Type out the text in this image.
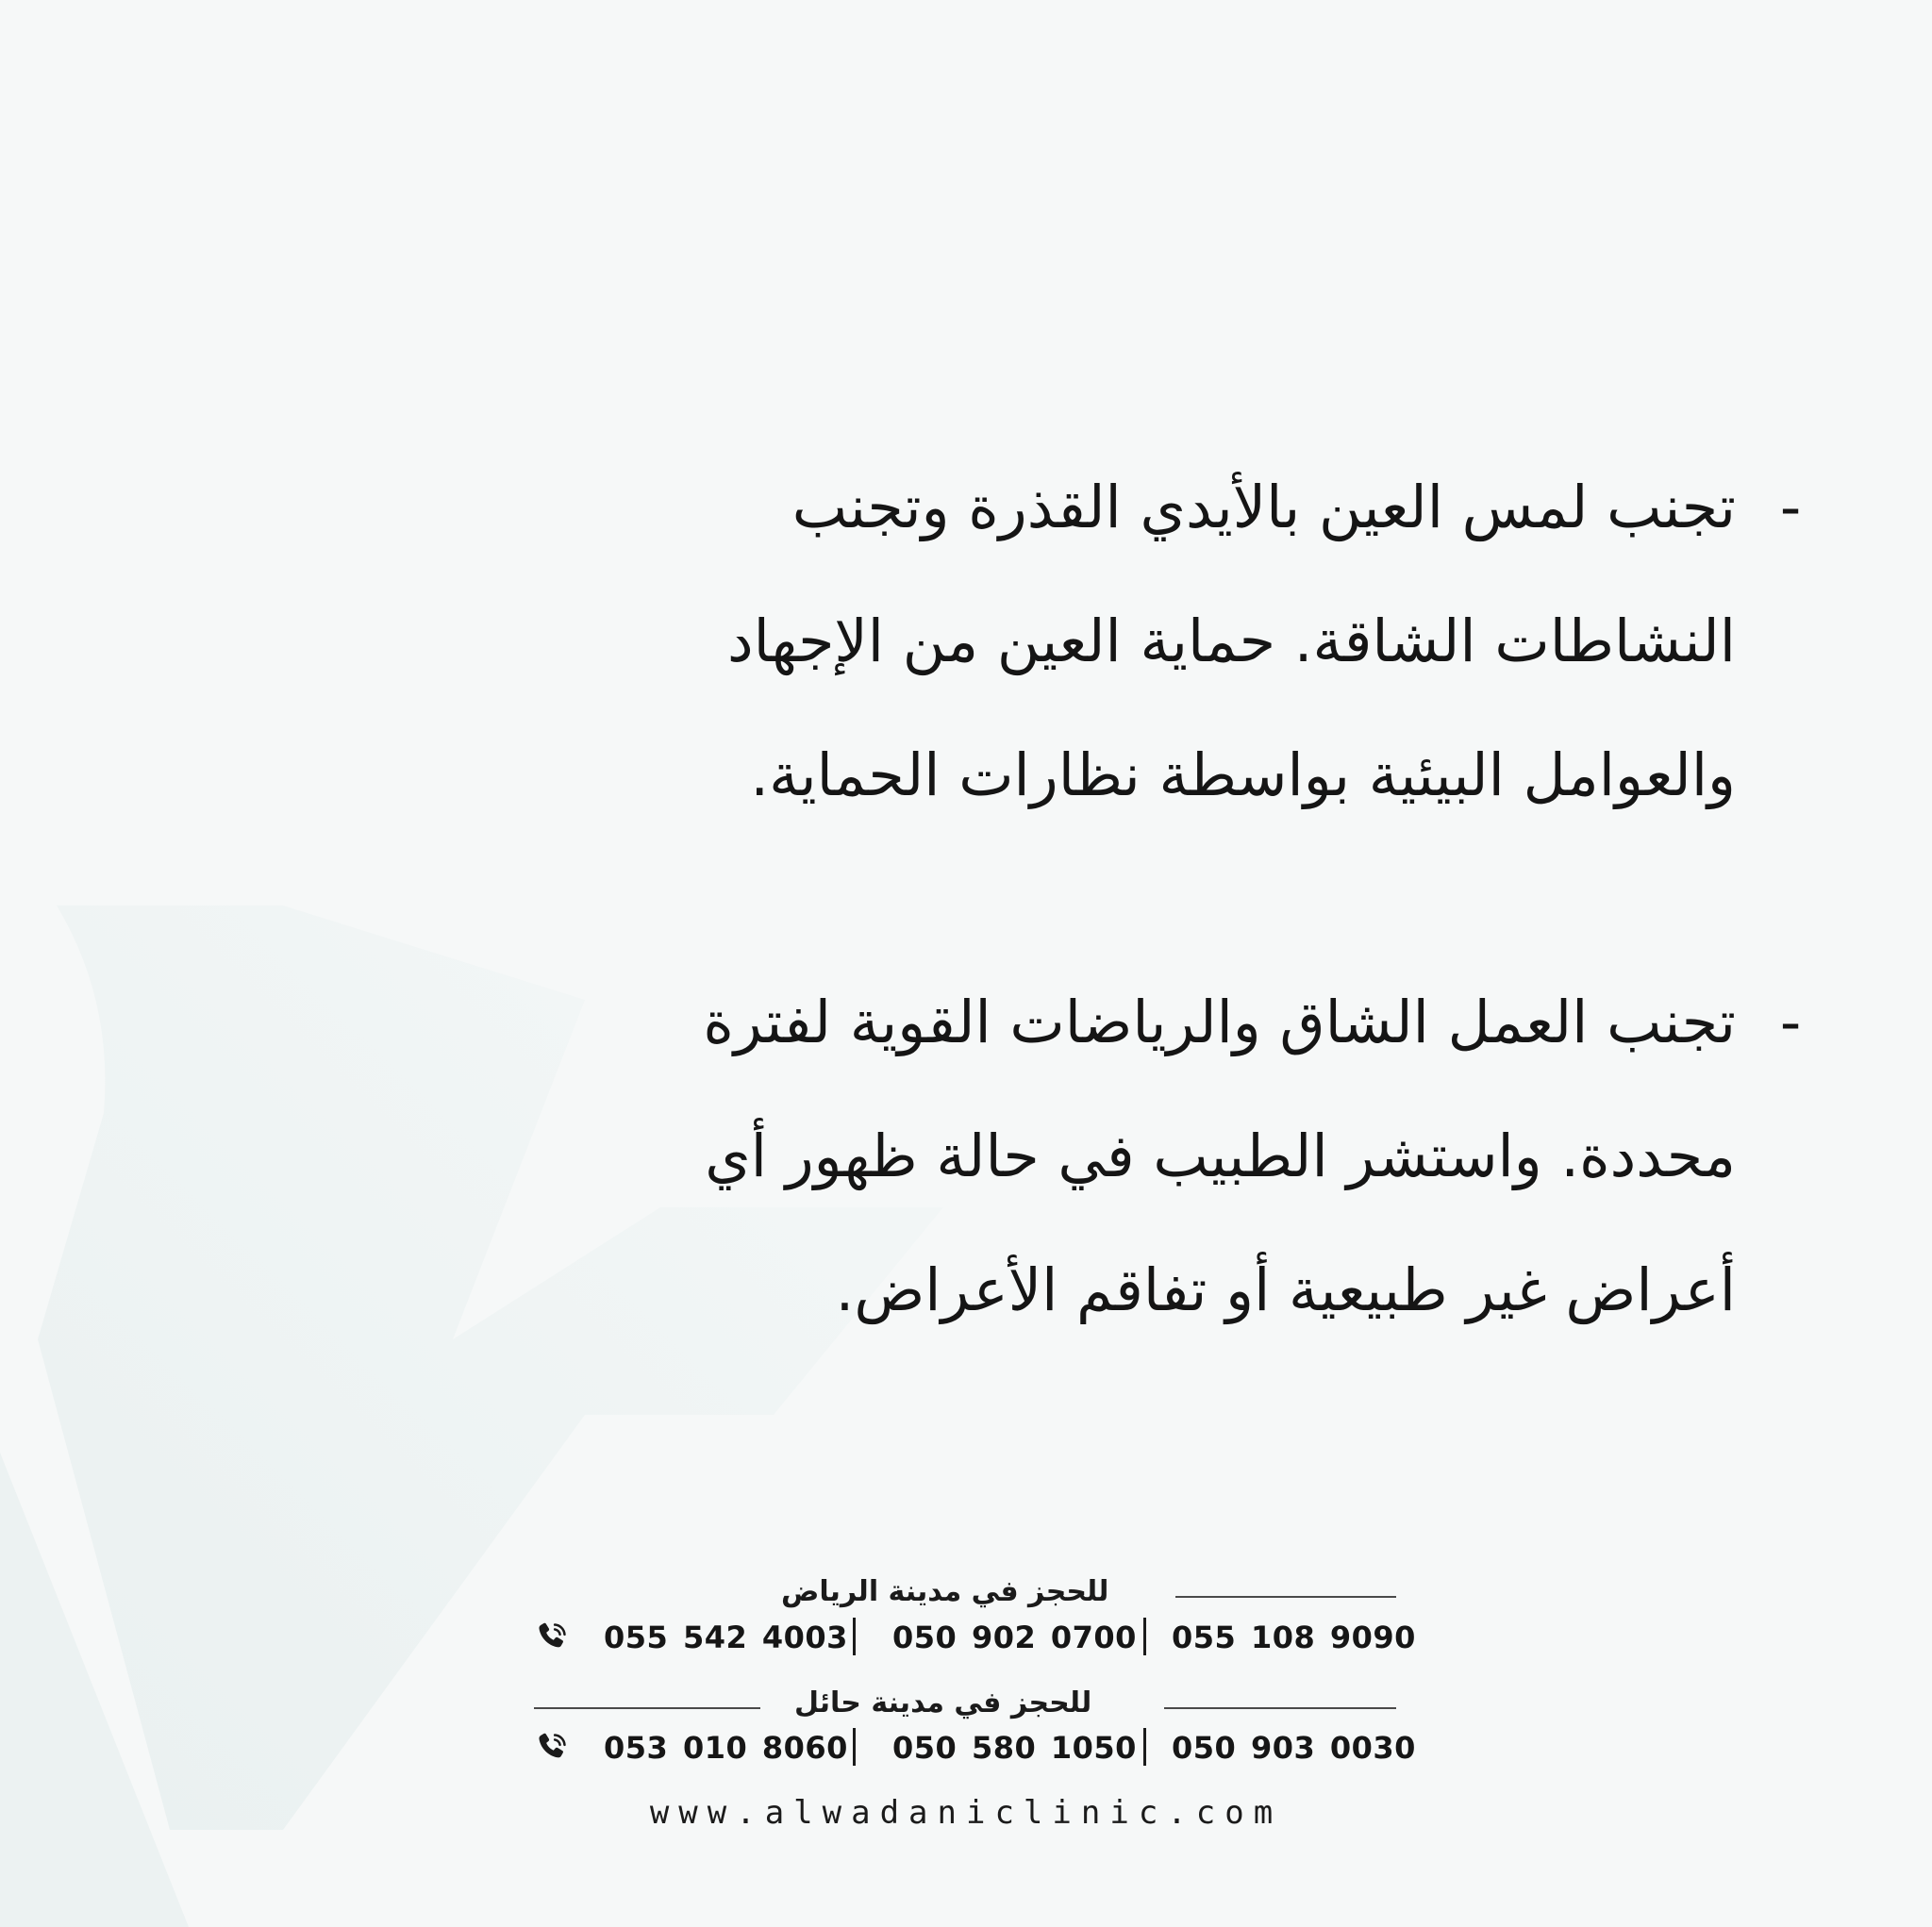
-
تجنب لمس العين بالأيدي القذرة وتجنب
النشاطات الشاقة. حماية العين من الإجهاد
والعوامل البيئية بواسطة نظارات الحماية.
-
تجنب العمل الشاق والرياضات القوية لفترة
محددة. واستشر الطبيب في حالة ظهور أي
أعراض غير طبيعية أو تفاقم الأعراض.
للحجز في مدينة الرياض
055 542 4003 050 902 0700 055 108 9090
للحجز في مدينة حائل
053 010 8060 050 580 1050 050 903 0030
www.alwadaniclinic.com
